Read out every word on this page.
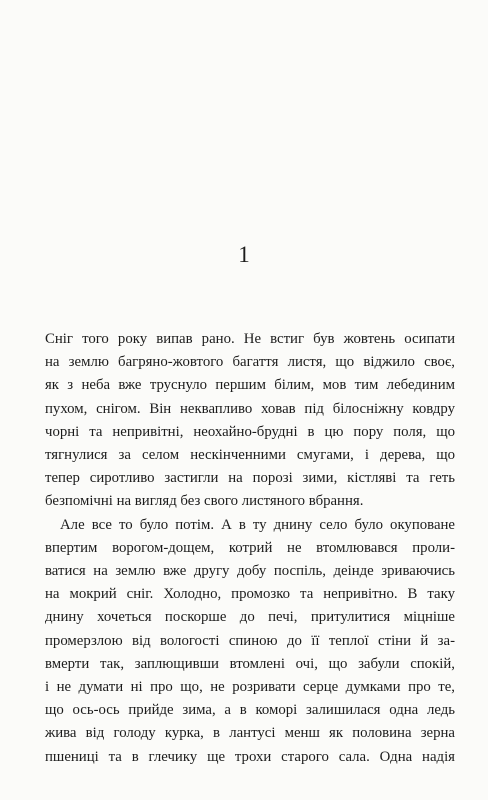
1
Сніг того року випав рано. Не встиг був жовтень осипати
на землю багряно-жовтого багаття листя, що віджило своє,
як з неба вже труснуло першим білим, мов тим лебединим
пухом, снігом. Він неквапливо ховав під білосніжну ковдру
чорні та непривітні, неохайно-брудні в цю пору поля, що
тягнулися за селом нескінченними смугами, і дерева, що
тепер сиротливо застигли на порозі зими, кістляві та геть
безпомічні на вигляд без свого листяного вбрання.
Але все то було потім. А в ту днину село було окуповане
впертим ворогом-дощем, котрий не втомлювався проли-
ватися на землю вже другу добу поспіль, деінде зриваючись
на мокрий сніг. Холодно, промозко та непривітно. В таку
днину хочеться поскорше до печі, притулитися міцніше
промерзлою від вологості спиною до її теплої стіни й за-
вмерти так, заплющивши втомлені очі, що забули спокій,
і не думати ні про що, не розривати серце думками про те,
що ось-ось прийде зима, а в коморі залишилася одна ледь
жива від голоду курка, в лантусі менш як половина зерна
пшениці та в глечику ще трохи старого сала. Одна надія
